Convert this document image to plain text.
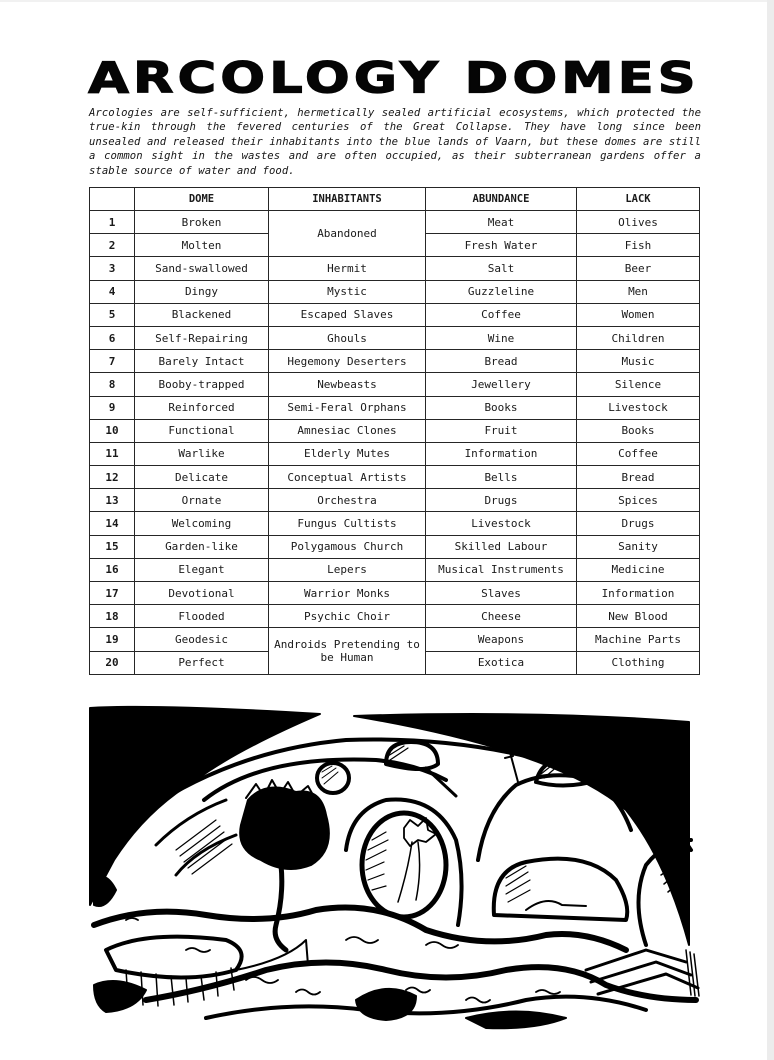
ARCOLOGY DOMES
Arcologies are self-sufficient, hermetically sealed artificial ecosystems, which protected the true-kin through the fevered centuries of the Great Collapse. They have long since been unsealed and released their inhabitants into the blue lands of Vaarn, but these domes are still a common sight in the wastes and are often occupied, as their subterranean gardens offer a stable source of water and food.
	DOME	INHABITANTS	ABUNDANCE	LACK
1	Broken	Abandoned	Meat	Olives
2	Molten		Fresh Water	Fish
3	Sand-swallowed	Hermit	Salt	Beer
4	Dingy	Mystic	Guzzleline	Men
5	Blackened	Escaped Slaves	Coffee	Women
6	Self-Repairing	Ghouls	Wine	Children
7	Barely Intact	Hegemony Deserters	Bread	Music
8	Booby-trapped	Newbeasts	Jewellery	Silence
9	Reinforced	Semi-Feral Orphans	Books	Livestock
10	Functional	Amnesiac Clones	Fruit	Books
11	Warlike	Elderly Mutes	Information	Coffee
12	Delicate	Conceptual Artists	Bells	Bread
13	Ornate	Orchestra	Drugs	Spices
14	Welcoming	Fungus Cultists	Livestock	Drugs
15	Garden-like	Polygamous Church	Skilled Labour	Sanity
16	Elegant	Lepers	Musical Instruments	Medicine
17	Devotional	Warrior Monks	Slaves	Information
18	Flooded	Psychic Choir	Cheese	New Blood
19	Geodesic	Androids Pretending to be Human	Weapons	Machine Parts
20	Perfect		Exotica	Clothing
